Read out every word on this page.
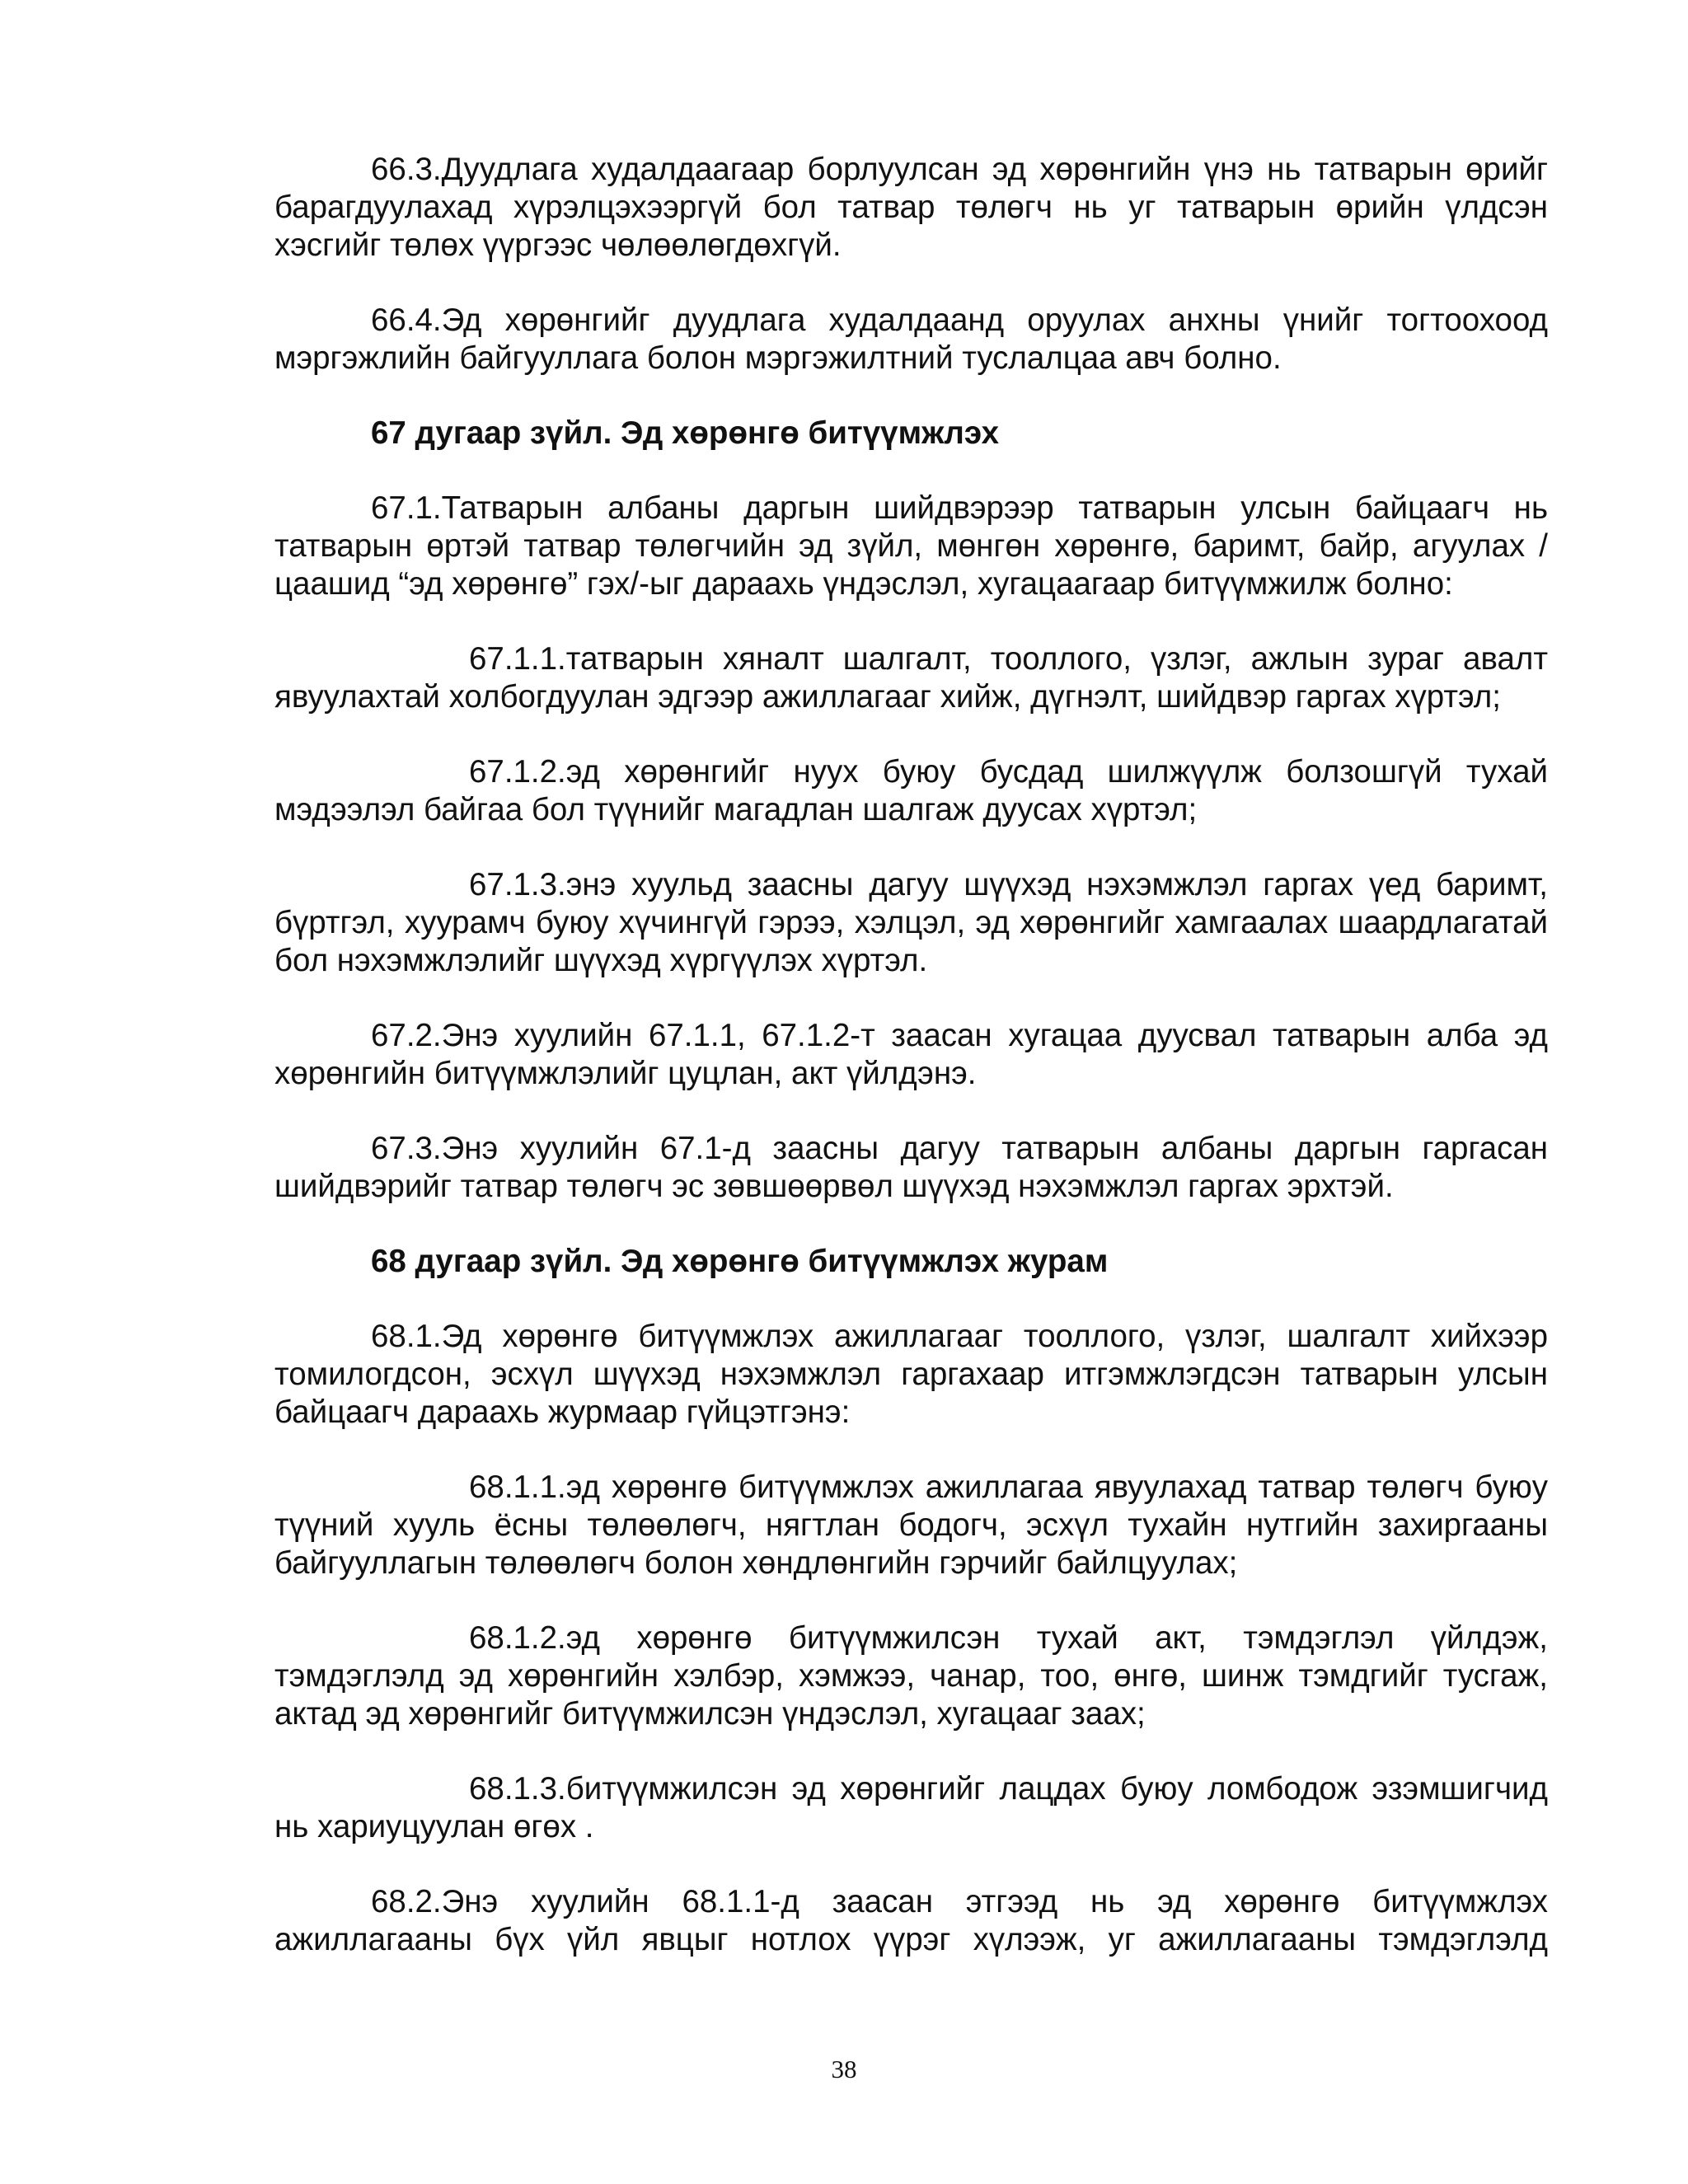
66.3.Дуудлага худалдаагаар борлуулсан эд хөрөнгийн үнэ нь татварын өрийг барагдуулахад хүрэлцэхээргүй бол татвар төлөгч нь уг татварын өрийн үлдсэн хэсгийг төлөх үүргээс чөлөөлөгдөхгүй.

66.4.Эд хөрөнгийг дуудлага худалдаанд оруулах анхны үнийг тогтоохоод мэргэжлийн байгууллага болон мэргэжилтний туслалцаа авч болно.

67 дугаар зүйл. Эд хөрөнгө битүүмжлэх

67.1.Татварын албаны даргын шийдвэрээр татварын улсын байцаагч нь татварын өртэй татвар төлөгчийн эд зүйл, мөнгөн хөрөнгө, баримт, байр, агуулах /цаашид “эд хөрөнгө” гэх/-ыг дараахь үндэслэл, хугацаагаар битүүмжилж болно:

67.1.1.татварын хяналт шалгалт, тооллого, үзлэг, ажлын зураг авалт явуулахтай холбогдуулан эдгээр ажиллагааг хийж, дүгнэлт, шийдвэр гаргах хүртэл;

67.1.2.эд хөрөнгийг нуух буюу бусдад шилжүүлж болзошгүй тухай мэдээлэл байгаа бол түүнийг магадлан шалгаж дуусах хүртэл;

67.1.3.энэ хуульд заасны дагуу шүүхэд нэхэмжлэл гаргах үед баримт, бүртгэл, хуурамч буюу хүчингүй гэрээ, хэлцэл, эд хөрөнгийг хамгаалах шаардлагатай бол нэхэмжлэлийг шүүхэд хүргүүлэх хүртэл.

67.2.Энэ хуулийн 67.1.1, 67.1.2-т заасан хугацаа дуусвал татварын алба эд хөрөнгийн битүүмжлэлийг цуцлан, акт үйлдэнэ.

67.3.Энэ хуулийн 67.1-д заасны дагуу татварын албаны даргын гаргасан шийдвэрийг татвар төлөгч эс зөвшөөрвөл шүүхэд нэхэмжлэл гаргах эрхтэй.

68 дугаар зүйл. Эд хөрөнгө битүүмжлэх журам

68.1.Эд хөрөнгө битүүмжлэх ажиллагааг тооллого, үзлэг, шалгалт хийхээр томилогдсон, эсхүл шүүхэд нэхэмжлэл гаргахаар итгэмжлэгдсэн татварын улсын байцаагч дараахь журмаар гүйцэтгэнэ:

68.1.1.эд хөрөнгө битүүмжлэх ажиллагаа явуулахад татвар төлөгч буюу түүний хууль ёсны төлөөлөгч, нягтлан бодогч, эсхүл тухайн нутгийн захиргааны байгууллагын төлөөлөгч болон хөндлөнгийн гэрчийг байлцуулах;

68.1.2.эд хөрөнгө битүүмжилсэн тухай акт, тэмдэглэл үйлдэж, тэмдэглэлд эд хөрөнгийн хэлбэр, хэмжээ, чанар, тоо, өнгө, шинж тэмдгийг тусгаж, актад эд хөрөнгийг битүүмжилсэн үндэслэл, хугацааг заах;

68.1.3.битүүмжилсэн эд хөрөнгийг лацдах буюу ломбодож эзэмшигчид нь хариуцуулан өгөх .

68.2.Энэ хуулийн 68.1.1-д заасан этгээд нь эд хөрөнгө битүүмжлэх ажиллагааны бүх үйл явцыг нотлох үүрэг хүлээж, уг ажиллагааны тэмдэглэлд

38
